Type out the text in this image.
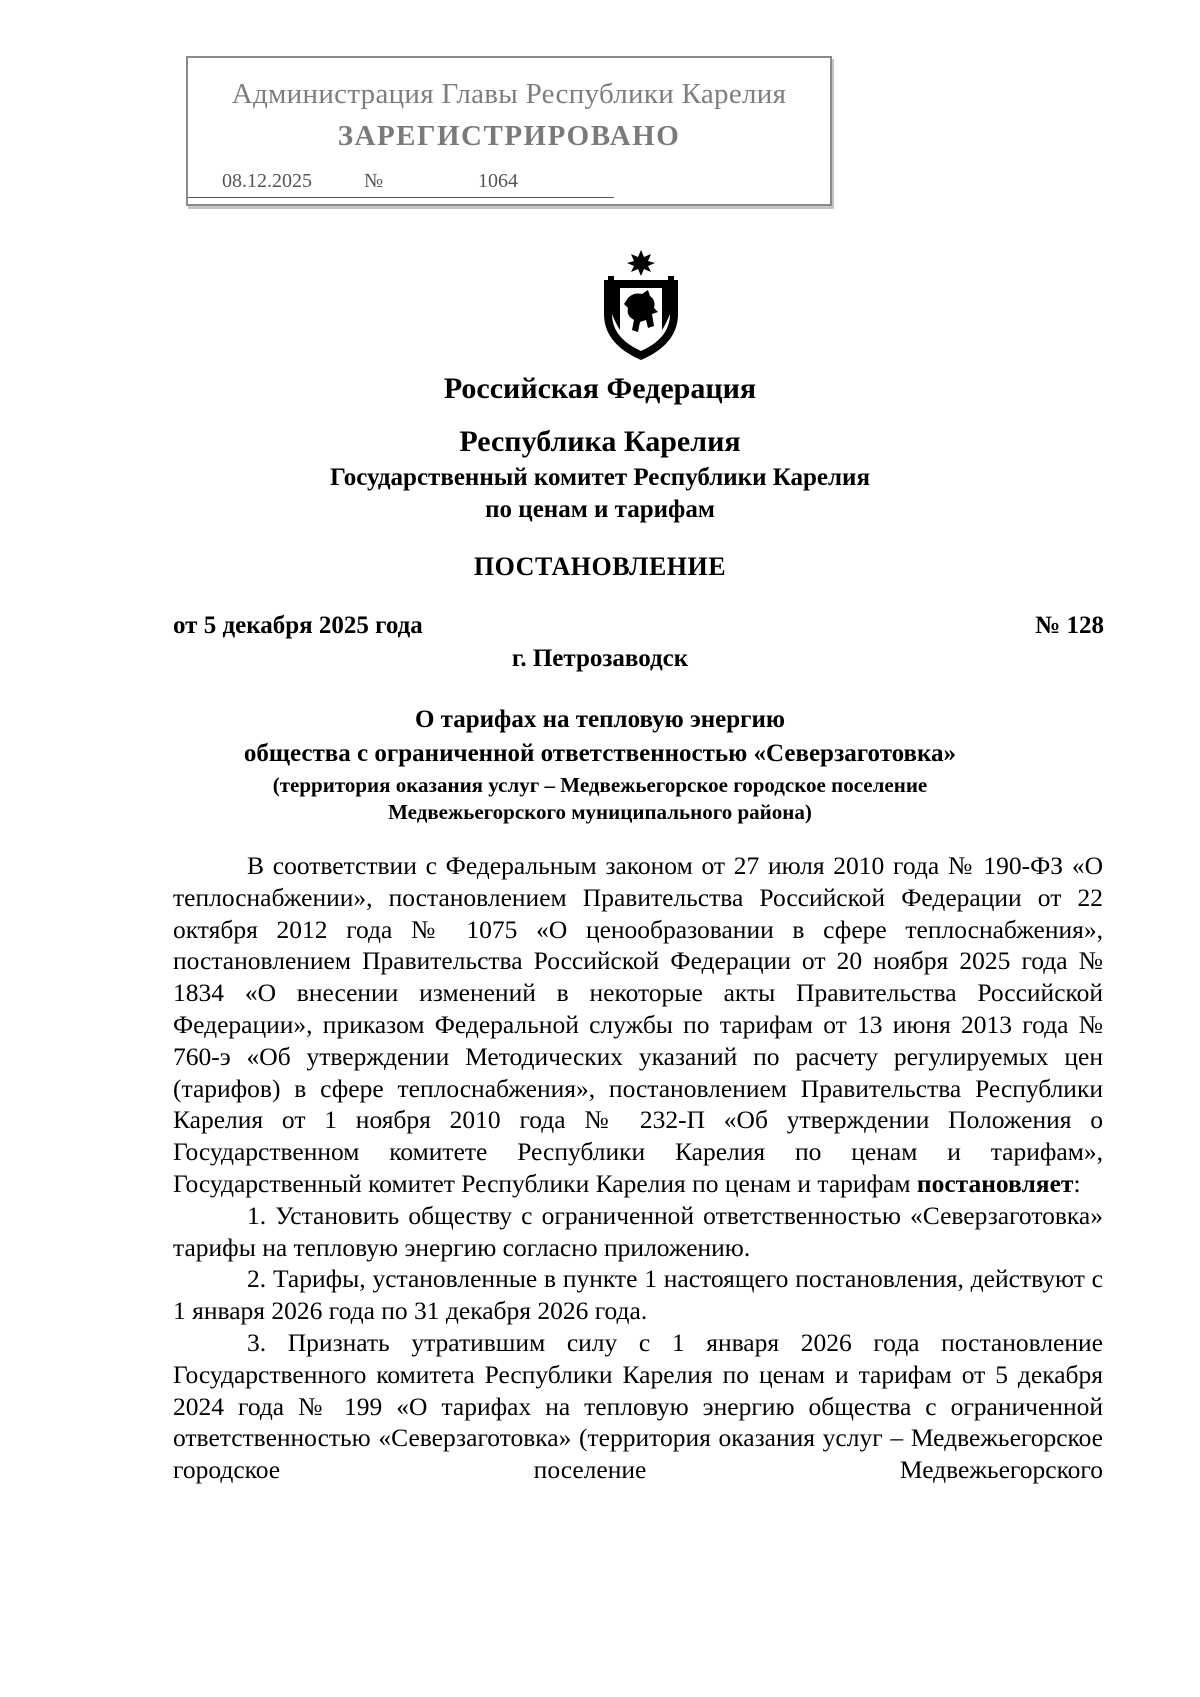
Администрация Главы Республики Карелия
ЗАРЕГИСТРИРОВАНО
08.12.2025	№	1064
Российская Федерация
Республика Карелия
Государственный комитет Республики Карелия
по ценам и тарифам
ПОСТАНОВЛЕНИЕ
от 5 декабря 2025 года	№ 128
г. Петрозаводск
О тарифах на тепловую энергию
общества с ограниченной ответственностью «Северзаготовка»
(территория оказания услуг – Медвежьегорское городское поселение
Медвежьегорского муниципального района)

В соответствии с Федеральным законом от 27 июля 2010 года № 190-ФЗ «О теплоснабжении», постановлением Правительства Российской Федерации от 22 октября 2012 года № 1075 «О ценообразовании в сфере теплоснабжения», постановлением Правительства Российской Федерации от 20 ноября 2025 года № 1834 «О внесении изменений в некоторые акты Правительства Российской Федерации», приказом Федеральной службы по тарифам от 13 июня 2013 года № 760-э «Об утверждении Методических указаний по расчету регулируемых цен (тарифов) в сфере теплоснабжения», постановлением Правительства Республики Карелия от 1 ноября 2010 года № 232-П «Об утверждении Положения о Государственном комитете Республики Карелия по ценам и тарифам», Государственный комитет Республики Карелия по ценам и тарифам постановляет:

1. Установить обществу с ограниченной ответственностью «Северзаготовка» тарифы на тепловую энергию согласно приложению.

2. Тарифы, установленные в пункте 1 настоящего постановления, действуют с 1 января 2026 года по 31 декабря 2026 года.

3. Признать утратившим силу с 1 января 2026 года постановление Государственного комитета Республики Карелия по ценам и тарифам от 5 декабря 2024 года № 199 «О тарифах на тепловую энергию общества с ограниченной ответственностью «Северзаготовка» (территория оказания услуг – Медвежьегорское городское поселение Медвежьегорского
